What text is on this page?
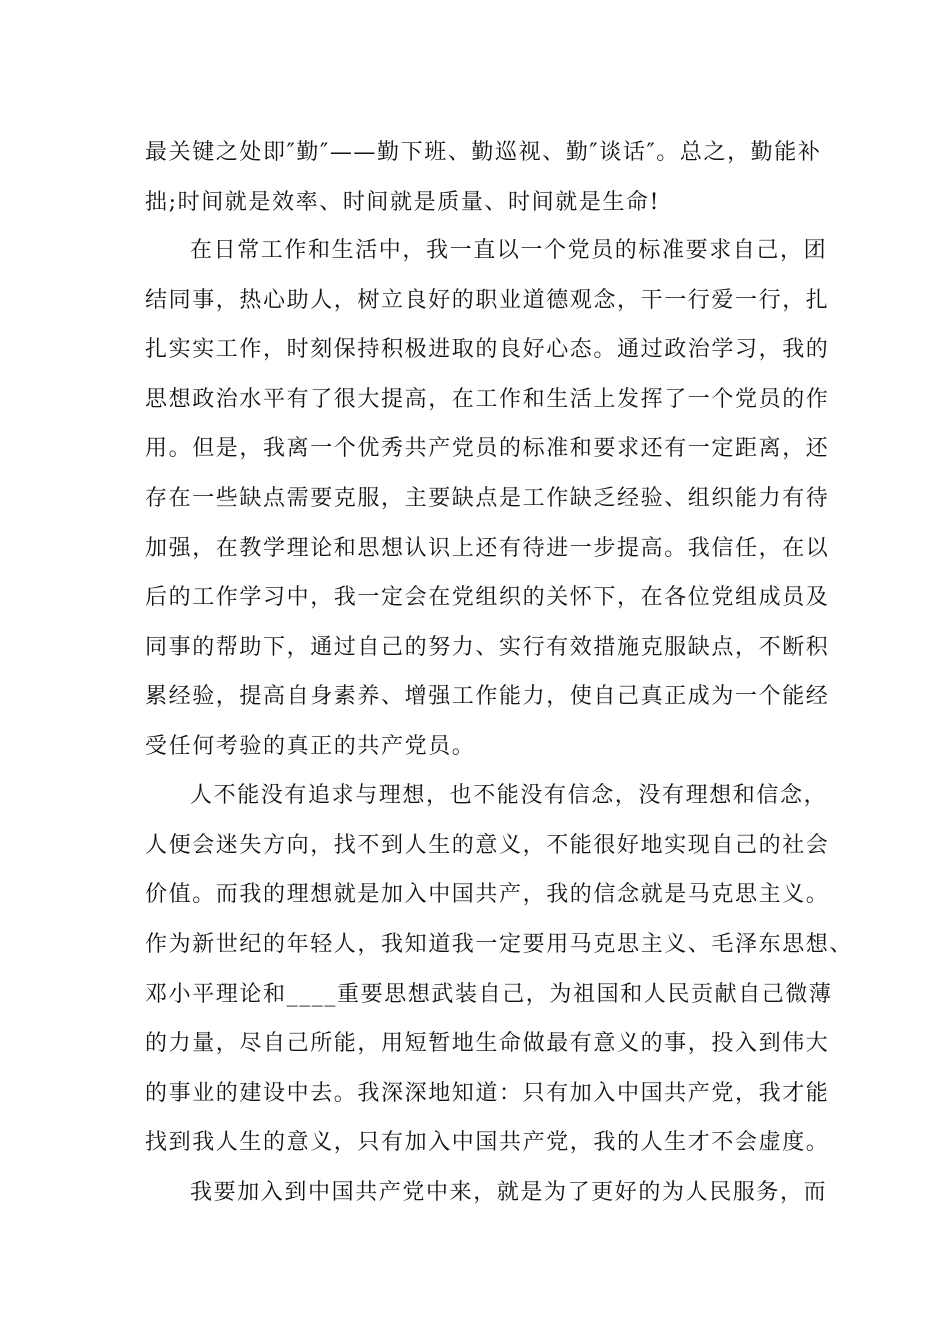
最关键之处即″勤″——勤下班、勤巡视、勤″谈话″。总之，勤能补
拙;时间就是效率、时间就是质量、时间就是生命!
在日常工作和生活中，我一直以一个党员的标准要求自己，团
结同事，热心助人，树立良好的职业道德观念，干一行爱一行，扎
扎实实工作，时刻保持积极进取的良好心态。通过政治学习，我的
思想政治水平有了很大提高，在工作和生活上发挥了一个党员的作
用。但是，我离一个优秀共产党员的标准和要求还有一定距离，还
存在一些缺点需要克服，主要缺点是工作缺乏经验、组织能力有待
加强，在教学理论和思想认识上还有待进一步提高。我信任，在以
后的工作学习中，我一定会在党组织的关怀下，在各位党组成员及
同事的帮助下，通过自己的努力、实行有效措施克服缺点，不断积
累经验，提高自身素养、增强工作能力，使自己真正成为一个能经
受任何考验的真正的共产党员。
人不能没有追求与理想，也不能没有信念，没有理想和信念，
人便会迷失方向，找不到人生的意义，不能很好地实现自己的社会
价值。而我的理想就是加入中国共产，我的信念就是马克思主义。
作为新世纪的年轻人，我知道我一定要用马克思主义、毛泽东思想、
邓小平理论和____重要思想武装自己，为祖国和人民贡献自己微薄
的力量，尽自己所能，用短暂地生命做最有意义的事，投入到伟大
的事业的建设中去。我深深地知道：只有加入中国共产党，我才能
找到我人生的意义，只有加入中国共产党，我的人生才不会虚度。
我要加入到中国共产党中来，就是为了更好的为人民服务，而
